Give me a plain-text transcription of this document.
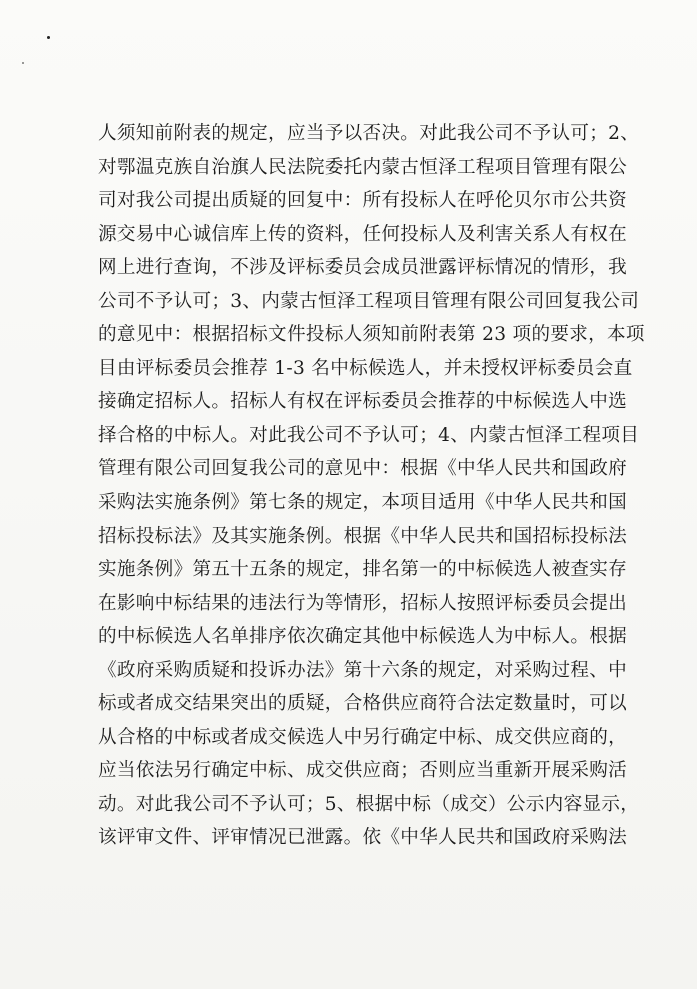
人须知前附表的规定，应当予以否决。对此我公司不予认可；2、
对鄂温克族自治旗人民法院委托内蒙古恒泽工程项目管理有限公
司对我公司提出质疑的回复中：所有投标人在呼伦贝尔市公共资
源交易中心诚信库上传的资料，任何投标人及利害关系人有权在
网上进行查询，不涉及评标委员会成员泄露评标情况的情形，我
公司不予认可；3、内蒙古恒泽工程项目管理有限公司回复我公司
的意见中：根据招标文件投标人须知前附表第 23 项的要求，本项
目由评标委员会推荐 1-3 名中标候选人，并未授权评标委员会直
接确定招标人。招标人有权在评标委员会推荐的中标候选人中选
择合格的中标人。对此我公司不予认可；4、内蒙古恒泽工程项目
管理有限公司回复我公司的意见中：根据《中华人民共和国政府
采购法实施条例》第七条的规定，本项目适用《中华人民共和国
招标投标法》及其实施条例。根据《中华人民共和国招标投标法
实施条例》第五十五条的规定，排名第一的中标候选人被查实存
在影响中标结果的违法行为等情形，招标人按照评标委员会提出
的中标候选人名单排序依次确定其他中标候选人为中标人。根据
《政府采购质疑和投诉办法》第十六条的规定，对采购过程、中
标或者成交结果突出的质疑，合格供应商符合法定数量时，可以
从合格的中标或者成交候选人中另行确定中标、成交供应商的，
应当依法另行确定中标、成交供应商；否则应当重新开展采购活
动。对此我公司不予认可；5、根据中标（成交）公示内容显示，
该评审文件、评审情况已泄露。依《中华人民共和国政府采购法
